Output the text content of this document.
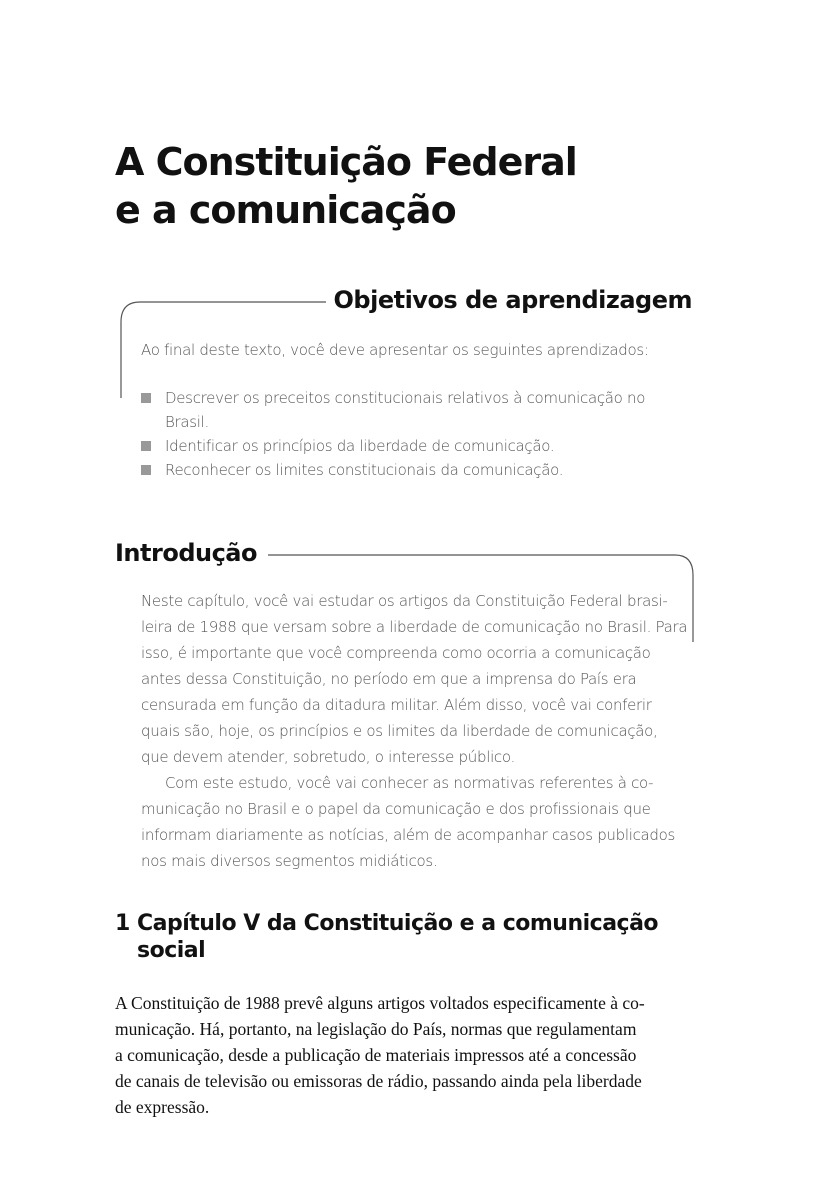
A Constituição Federal
e a comunicação
Objetivos de aprendizagem
Ao final deste texto, você deve apresentar os seguintes aprendizados:
Descrever os preceitos constitucionais relativos à comunicação no
Brasil.
Identificar os princípios da liberdade de comunicação.
Reconhecer os limites constitucionais da comunicação.
Introdução
Neste capítulo, você vai estudar os artigos da Constituição Federal brasi-
leira de 1988 que versam sobre a liberdade de comunicação no Brasil. Para
isso, é importante que você compreenda como ocorria a comunicação
antes dessa Constituição, no período em que a imprensa do País era
censurada em função da ditadura militar. Além disso, você vai conferir
quais são, hoje, os princípios e os limites da liberdade de comunicação,
que devem atender, sobretudo, o interesse público.
Com este estudo, você vai conhecer as normativas referentes à co-
municação no Brasil e o papel da comunicação e dos profissionais que
informam diariamente as notícias, além de acompanhar casos publicados
nos mais diversos segmentos midiáticos.
1 Capítulo V da Constituição e a comunicação
social
A Constituição de 1988 prevê alguns artigos voltados especificamente à co-
municação. Há, portanto, na legislação do País, normas que regulamentam
a comunicação, desde a publicação de materiais impressos até a concessão
de canais de televisão ou emissoras de rádio, passando ainda pela liberdade
de expressão.
